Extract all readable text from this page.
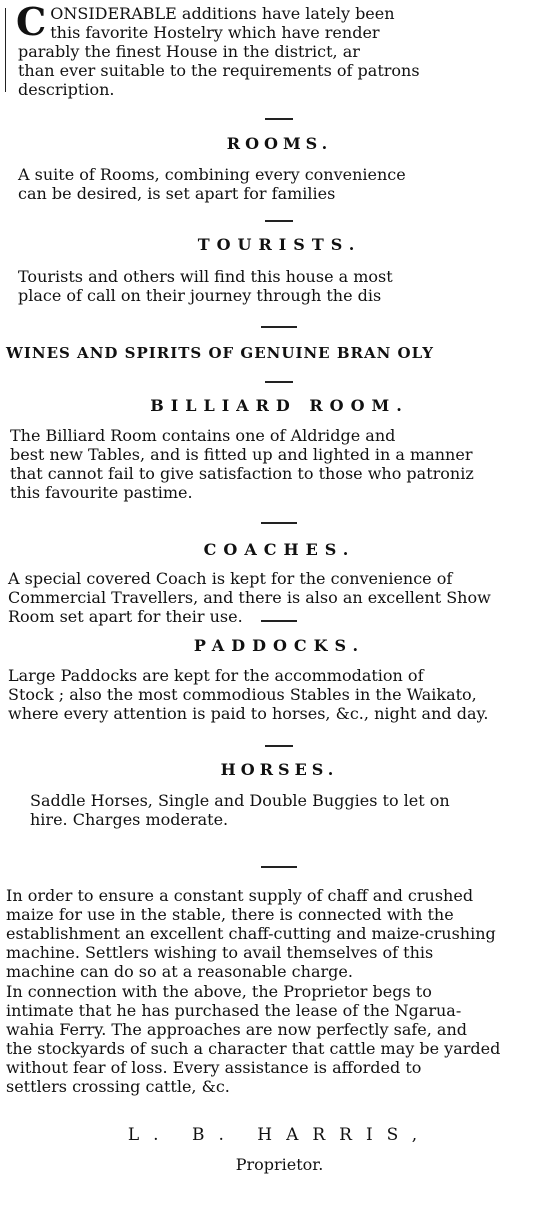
CONSIDERABLE additions have lately been
this favorite Hostelry which have render
parably the finest House in the district, ar
than ever suitable to the requirements of patrons
description.

ROOMS.

A suite of Rooms, combining every convenience
can be desired, is set apart for families

TOURISTS.

Tourists and others will find this house a most
place of call on their journey through the dis

WINES AND SPIRITS OF GENUINE BRAN OLY
BILLIARD ROOM.

The Billiard Room contains one of Aldridge and
best new Tables, and is fitted up and lighted in a manner
that cannot fail to give satisfaction to those who patroniz
this favourite pastime.

COACHES.

A special covered Coach is kept for the convenience of
Commercial Travellers, and there is also an excellent Show
Room set apart for their use.

PADDOCKS.

Large Paddocks are kept for the accommodation of
Stock ; also the most commodious Stables in the Waikato,
where every attention is paid to horses, &c., night and day.

HORSES.

Saddle Horses, Single and Double Buggies to let on
hire. Charges moderate.

In order to ensure a constant supply of chaff and crushed
maize for use in the stable, there is connected with the
establishment an excellent chaff-cutting and maize-crushing
machine. Settlers wishing to avail themselves of this
machine can do so at a reasonable charge.

In connection with the above, the Proprietor begs to
intimate that he has purchased the lease of the Ngarua-
wahia Ferry. The approaches are now perfectly safe, and
the stockyards of such a character that cattle may be yarded
without fear of loss. Every assistance is afforded to
settlers crossing cattle, &c.

L. B. HARRIS,
Proprietor.
